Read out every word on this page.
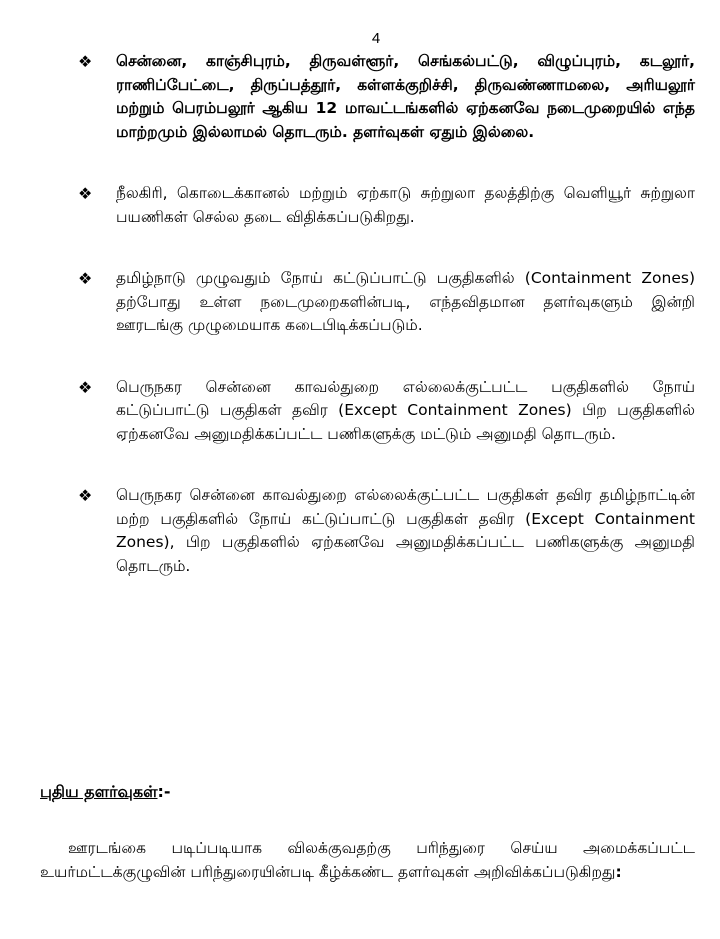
4
❖ சென்னை, காஞ்சிபுரம், திருவள்ளூர், செங்கல்பட்டு, விழுப்புரம், கடலூர், ராணிப்பேட்டை, திருப்பத்தூர், கள்ளக்குறிச்சி, திருவண்ணாமலை, அரியலூர் மற்றும் பெரம்பலூர் ஆகிய 12 மாவட்டங்களில் ஏற்கனவே நடைமுறையில் எந்த மாற்றமும் இல்லாமல் தொடரும். தளர்வுகள் ஏதும் இல்லை.
❖ நீலகிரி, கொடைக்கானல் மற்றும் ஏற்காடு சுற்றுலா தலத்திற்கு வெளியூர் சுற்றுலா பயணிகள் செல்ல தடை விதிக்கப்படுகிறது.
❖ தமிழ்நாடு முழுவதும் நோய் கட்டுப்பாட்டு பகுதிகளில் (Containment Zones) தற்போது உள்ள நடைமுறைகளின்படி, எந்தவிதமான தளர்வுகளும் இன்றி ஊரடங்கு முழுமையாக கடைபிடிக்கப்படும்.
❖ பெருநகர சென்னை காவல்துறை எல்லைக்குட்பட்ட பகுதிகளில் நோய் கட்டுப்பாட்டு பகுதிகள் தவிர (Except Containment Zones) பிற பகுதிகளில் ஏற்கனவே அனுமதிக்கப்பட்ட பணிகளுக்கு மட்டும் அனுமதி தொடரும்.
❖ பெருநகர சென்னை காவல்துறை எல்லைக்குட்பட்ட பகுதிகள் தவிர தமிழ்நாட்டின் மற்ற பகுதிகளில் நோய் கட்டுப்பாட்டு பகுதிகள் தவிர (Except Containment Zones), பிற பகுதிகளில் ஏற்கனவே அனுமதிக்கப்பட்ட பணிகளுக்கு அனுமதி தொடரும்.
புதிய தளர்வுகள்:-

ஊரடங்கை படிப்படியாக விலக்குவதற்கு பரிந்துரை செய்ய அமைக்கப்பட்ட உயர்மட்டக்குழுவின் பரிந்துரையின்படி கீழ்க்கண்ட தளர்வுகள் அறிவிக்கப்படுகிறது:
